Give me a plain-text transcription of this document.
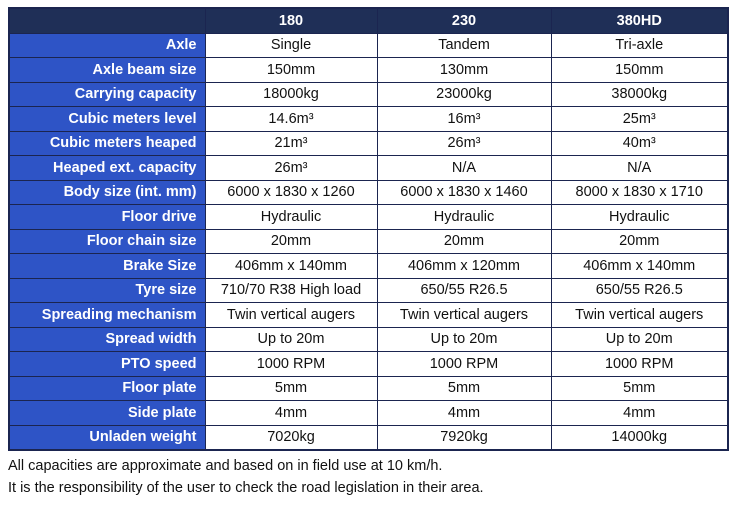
	180	230	380HD
Axle	Single	Tandem	Tri-axle
Axle beam size	150mm	130mm	150mm
Carrying capacity	18000kg	23000kg	38000kg
Cubic meters level	14.6m³	16m³	25m³
Cubic meters heaped	21m³	26m³	40m³
Heaped ext. capacity	26m³	N/A	N/A
Body size (int. mm)	6000 x 1830 x 1260	6000 x 1830 x 1460	8000 x 1830 x 1710
Floor drive	Hydraulic	Hydraulic	Hydraulic
Floor chain size	20mm	20mm	20mm
Brake Size	406mm x 140mm	406mm x 120mm	406mm x 140mm
Tyre size	710/70 R38 High load	650/55 R26.5	650/55 R26.5
Spreading mechanism	Twin vertical augers	Twin vertical augers	Twin vertical augers
Spread width	Up to 20m	Up to 20m	Up to 20m
PTO speed	1000 RPM	1000 RPM	1000 RPM
Floor plate	5mm	5mm	5mm
Side plate	4mm	4mm	4mm
Unladen weight	7020kg	7920kg	14000kg
All capacities are approximate and based on in field use at 10 km/h.
It is the responsibility of the user to check the road legislation in their area.
